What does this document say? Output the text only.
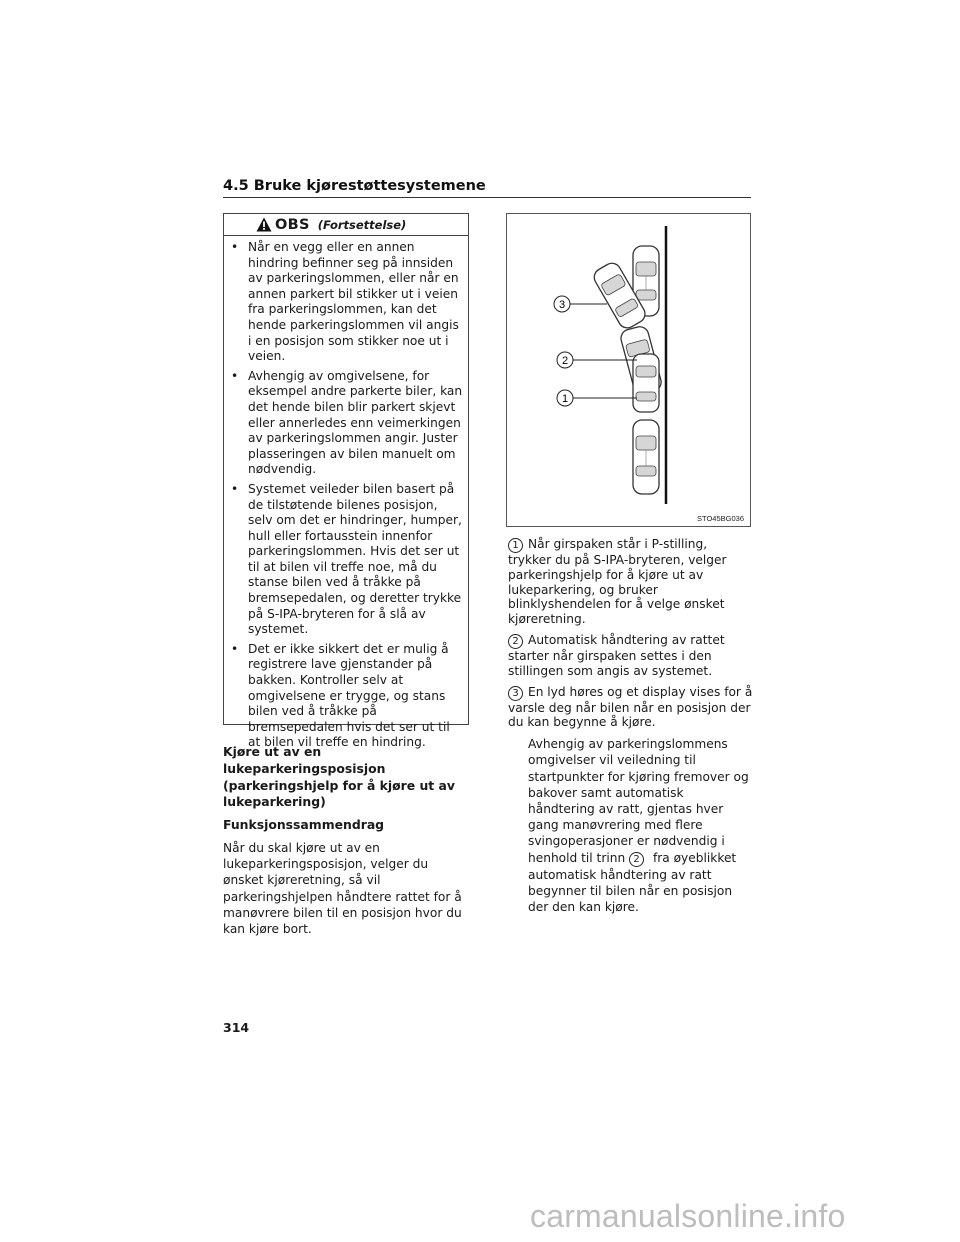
4.5 Bruke kjørestøttesystemene
OBS (Fortsettelse)
• Når en vegg eller en annen hindring befinner seg på innsiden av parkeringslommen, eller når en annen parkert bil stikker ut i veien fra parkeringslommen, kan det hende parkeringslommen vil angis i en posisjon som stikker noe ut i veien.
• Avhengig av omgivelsene, for eksempel andre parkerte biler, kan det hende bilen blir parkert skjevt eller annerledes enn veimerkingen av parkeringslommen angir. Juster plasseringen av bilen manuelt om nødvendig.
• Systemet veileder bilen basert på de tilstøtende bilenes posisjon, selv om det er hindringer, humper, hull eller fortausstein innenfor parkeringslommen. Hvis det ser ut til at bilen vil treffe noe, må du stanse bilen ved å tråkke på bremsepedalen, og deretter trykke på S-IPA-bryteren for å slå av systemet.
• Det er ikke sikkert det er mulig å registrere lave gjenstander på bakken. Kontroller selv at omgivelsene er trygge, og stans bilen ved å tråkke på bremsepedalen hvis det ser ut til at bilen vil treffe en hindring.

Kjøre ut av en lukeparkeringsposisjon (parkeringshjelp for å kjøre ut av lukeparkering)

Funksjonssammendrag

Når du skal kjøre ut av en lukeparkeringsposisjon, velger du ønsket kjøreretning, så vil parkeringshjelpen håndtere rattet for å manøvrere bilen til en posisjon hvor du kan kjøre bort.

3
2
1
STO45BG036
1 Når girspaken står i P-stilling, trykker du på S-IPA-bryteren, velger parkeringshjelp for å kjøre ut av lukeparkering, og bruker blinklyshendelen for å velge ønsket kjøreretning.
2 Automatisk håndtering av rattet starter når girspaken settes i den stillingen som angis av systemet.
3 En lyd høres og et display vises for å varsle deg når bilen når en posisjon der du kan begynne å kjøre.
Avhengig av parkeringslommens omgivelser vil veiledning til startpunkter for kjøring fremover og bakover samt automatisk håndtering av ratt, gjentas hver gang manøvrering med flere svingoperasjoner er nødvendig i henhold til trinn 2 fra øyeblikket automatisk håndtering av ratt begynner til bilen når en posisjon der den kan kjøre.
314
carmanualsonline.info
